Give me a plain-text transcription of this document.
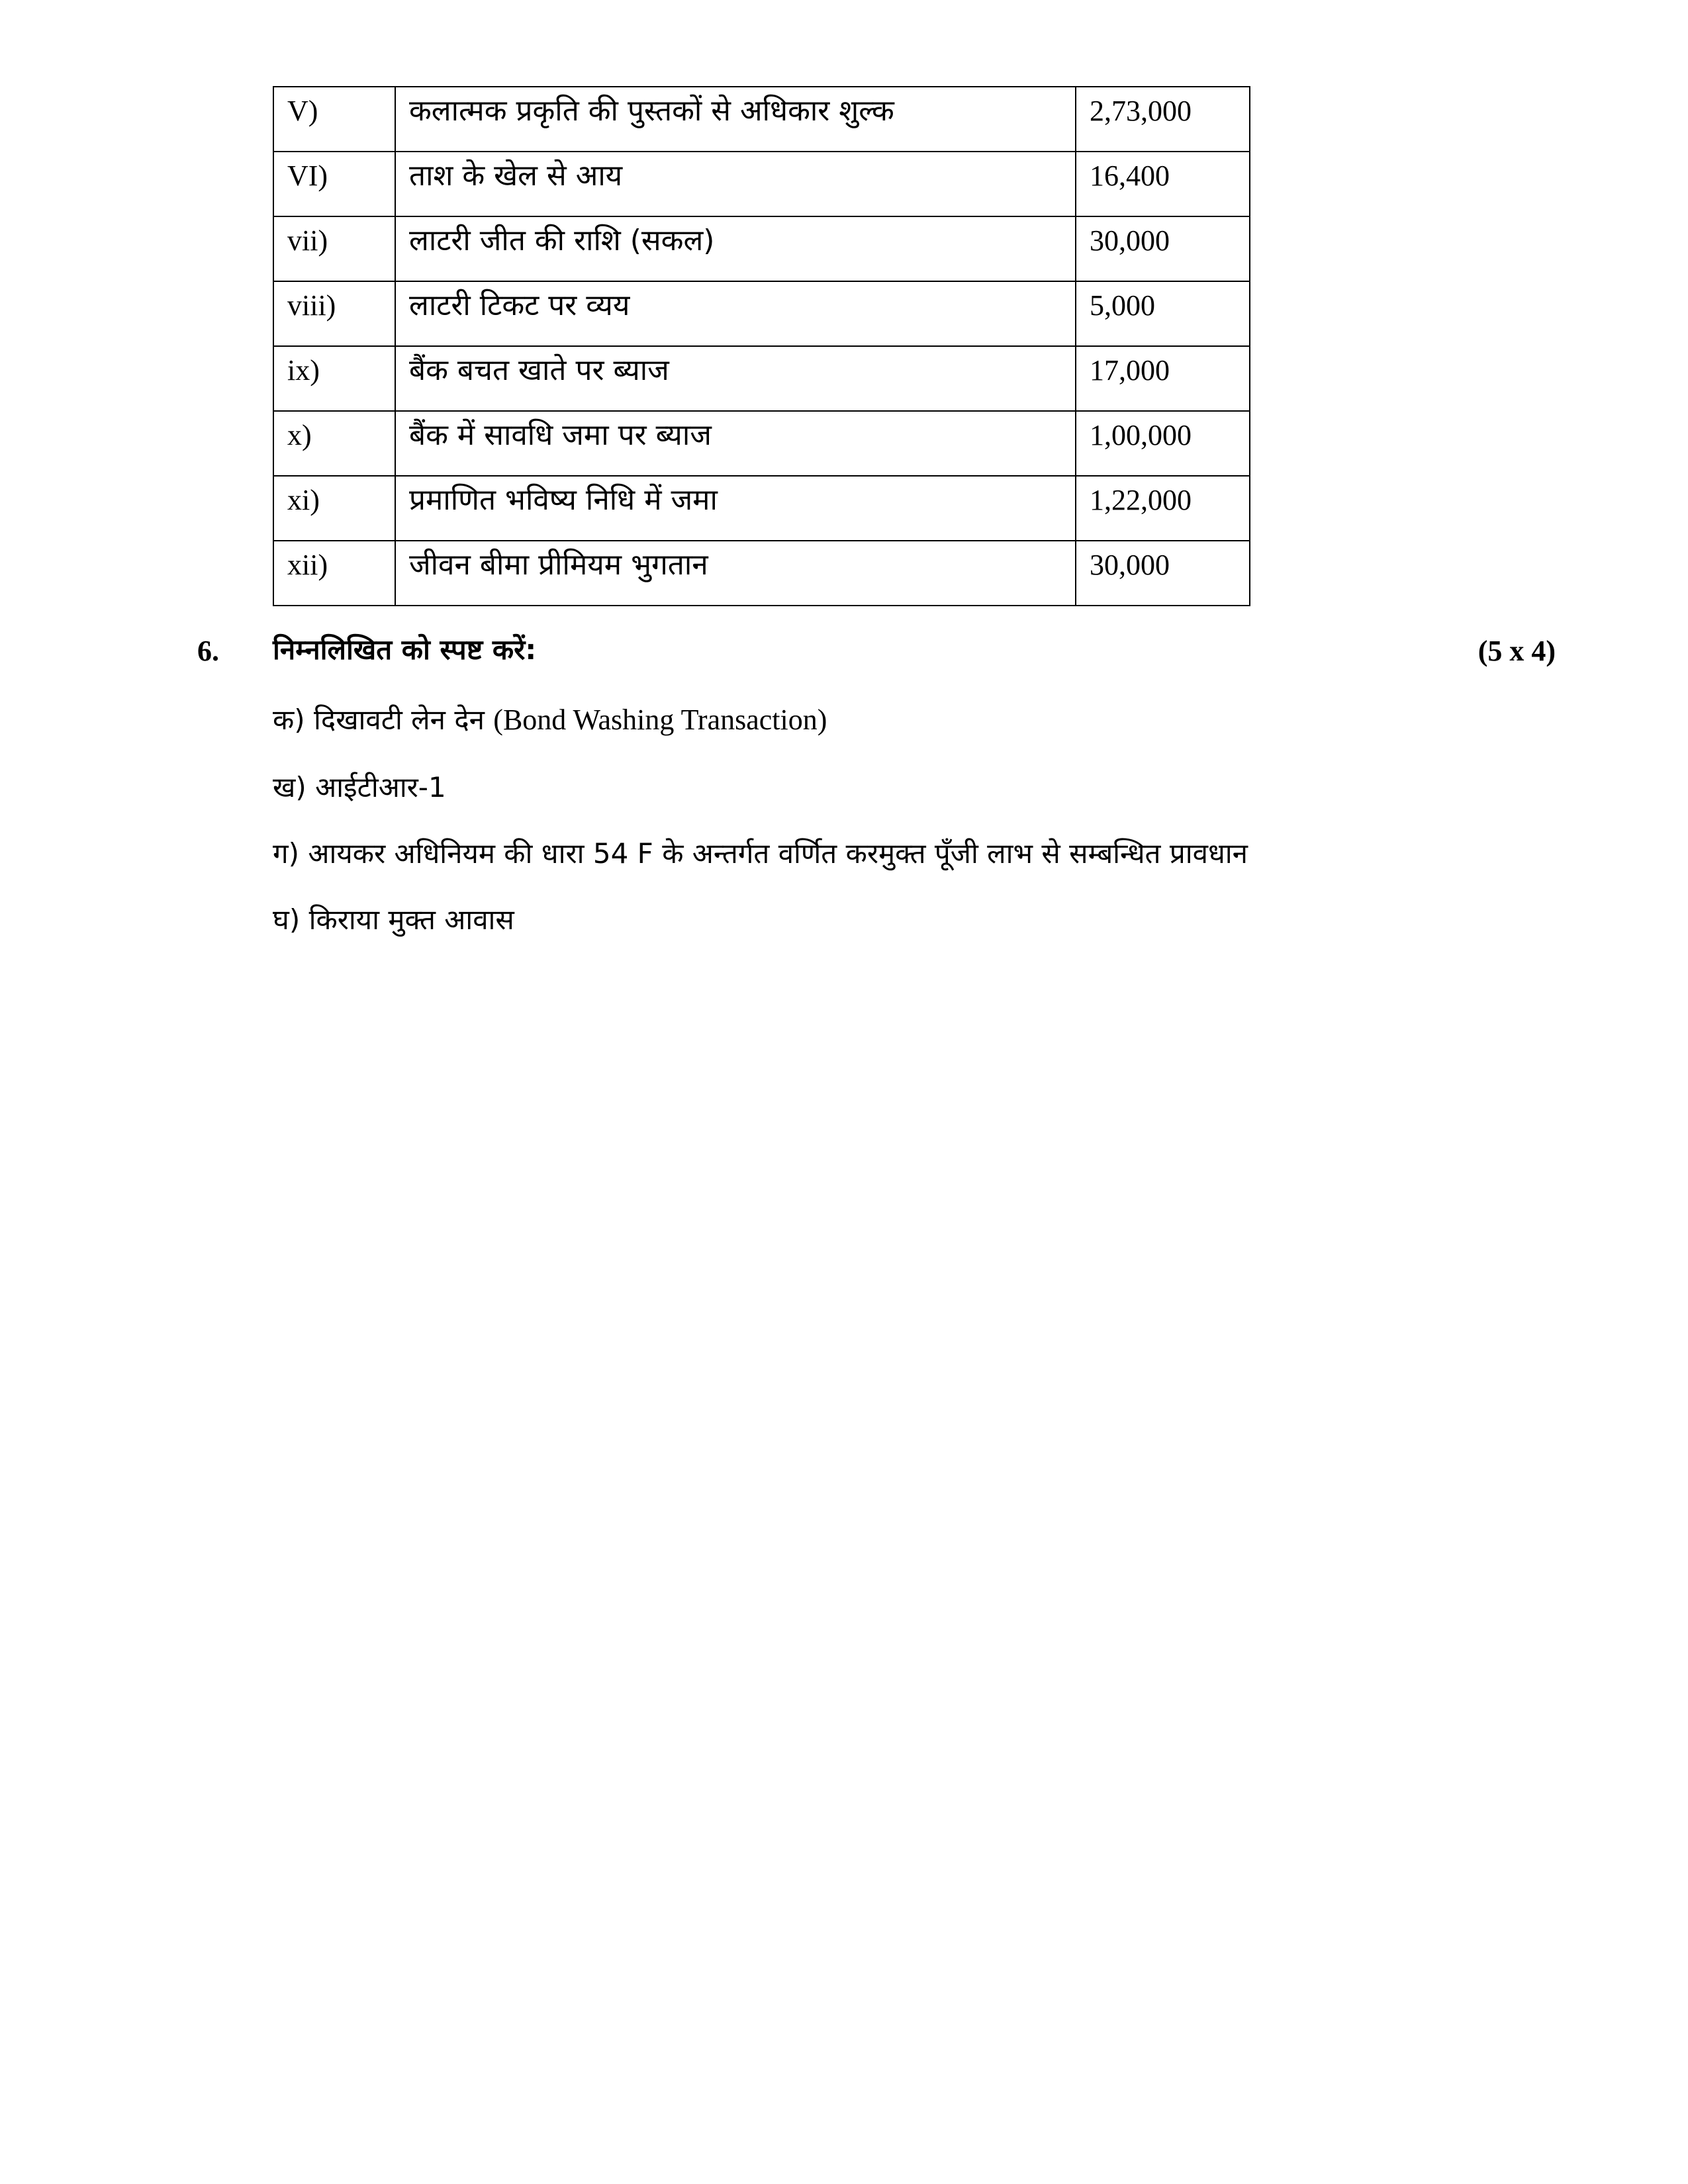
V)	कलात्मक प्रकृति की पुस्तकों से अधिकार शुल्क	2,73,000
VI)	ताश के खेल से आय	16,400
vii)	लाटरी जीत की राशि (सकल)	30,000
viii)	लाटरी टिकट पर व्यय	5,000
ix)	बैंक बचत खाते पर ब्याज	17,000
x)	बैंक में सावधि जमा पर ब्याज	1,00,000
xi)	प्रमाणित भविष्य निधि में जमा	1,22,000
xii)	जीवन बीमा प्रीमियम भुगतान	30,000
6. निम्नलिखित को स्पष्ट करें:	(5 x 4)
क) दिखावटी लेन देन (Bond Washing Transaction)
ख) आईटीआर-1
ग) आयकर अधिनियम की धारा 54 F के अन्तर्गत वर्णित करमुक्त पूँजी लाभ से सम्बन्धित प्रावधान
घ) किराया मुक्त आवास
